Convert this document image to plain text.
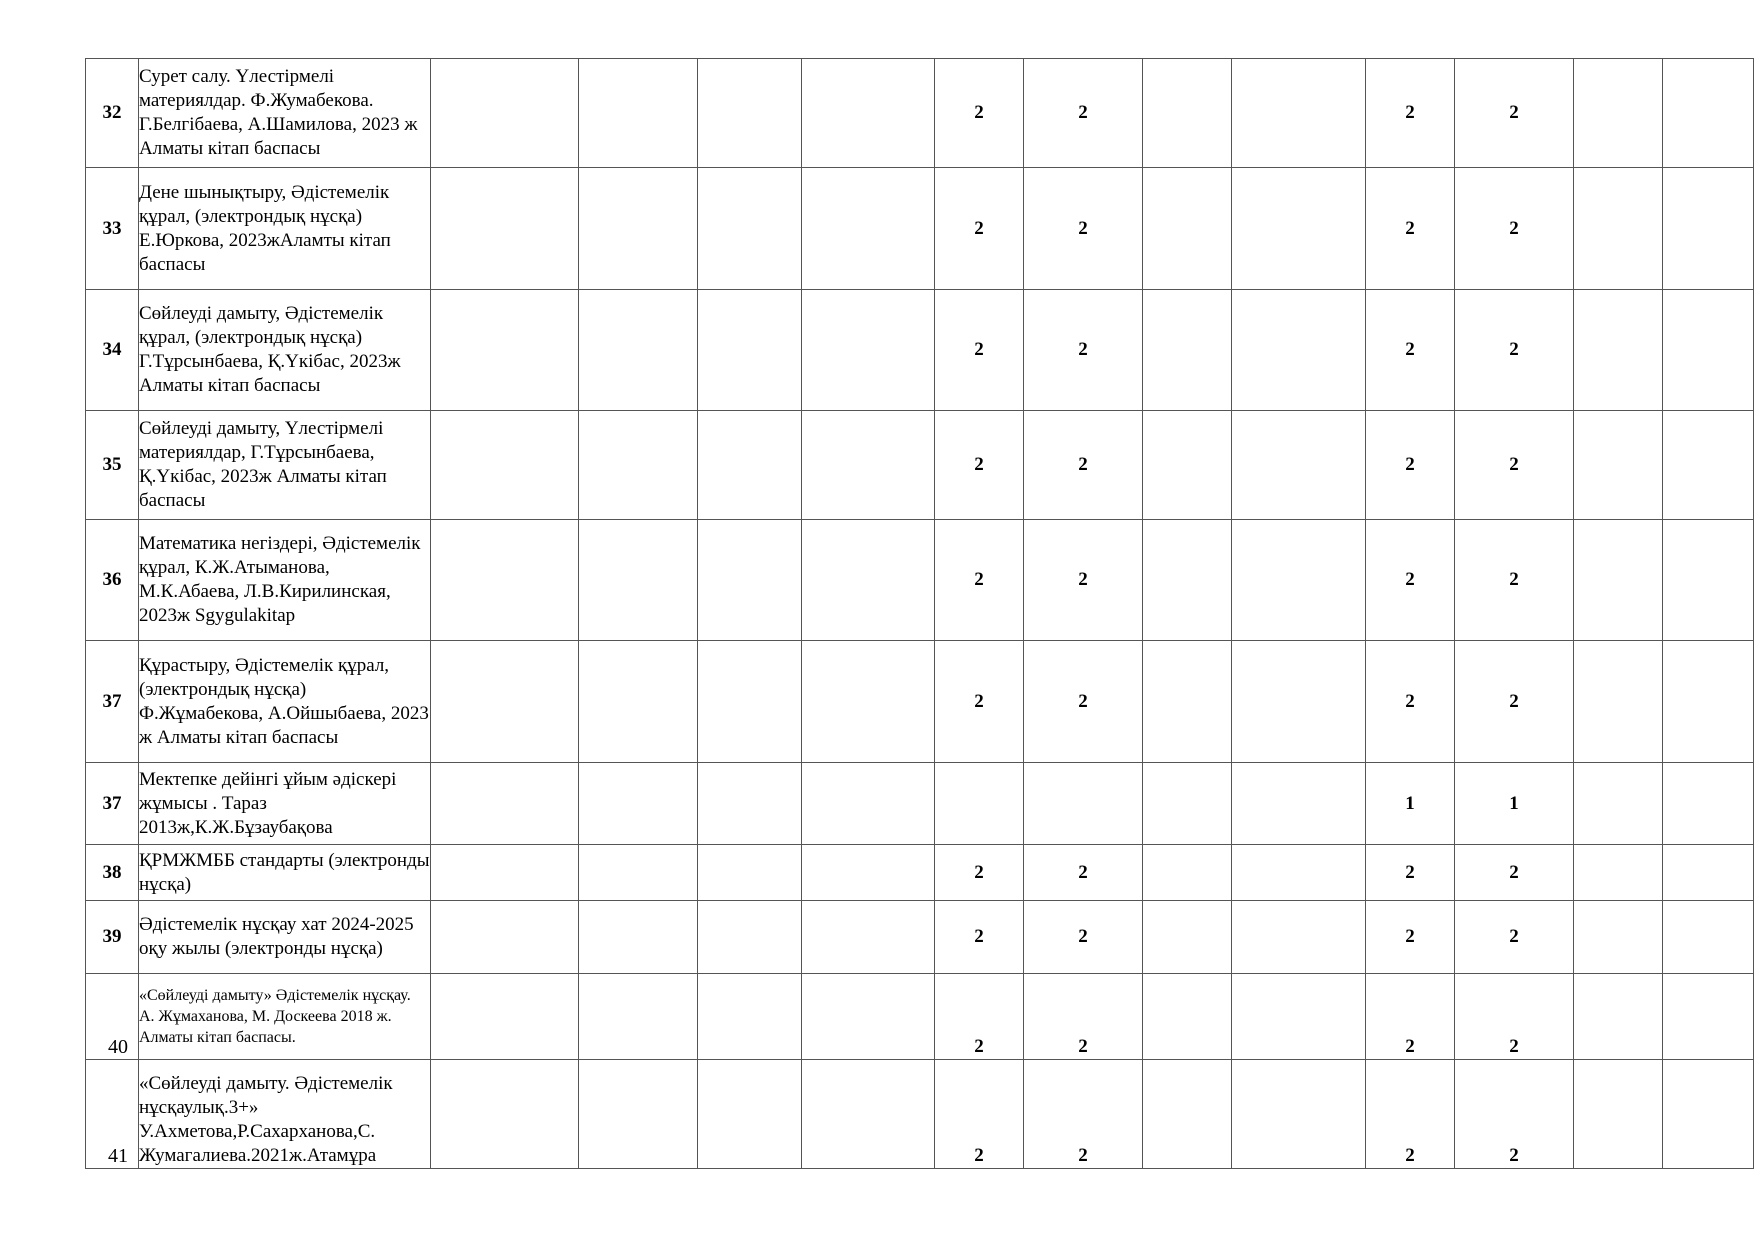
32	Сурет салу. Үлестірмелі материялдар. Ф.Жумабекова. Г.Белгібаева, А.Шамилова, 2023 ж Алматы кітап баспасы					2	2			2	2		
33	Дене шынықтыру, Әдістемелік құрал, (электрондық нұсқа) Е.Юркова, 2023жАламты кітап баспасы					2	2			2	2		
34	Сөйлеуді дамыту, Әдістемелік құрал, (электрондық нұсқа) Г.Тұрсынбаева, Қ.Үкібас, 2023ж Алматы кітап баспасы					2	2			2	2		
35	Сөйлеуді дамыту, Үлестірмелі материялдар, Г.Тұрсынбаева, Қ.Үкібас, 2023ж Алматы кітап баспасы					2	2			2	2		
36	Математика негіздері, Әдістемелік құрал, К.Ж.Атыманова, М.К.Абаева, Л.В.Кирилинская, 2023ж Sgygulakitap					2	2			2	2		
37	Құрастыру, Әдістемелік құрал, (электрондық нұсқа) Ф.Жұмабекова, А.Ойшыбаева, 2023 ж Алматы кітап баспасы					2	2			2	2		
37	Мектепке дейінгі ұйым әдіскері жұмысы . Тараз 2013ж,К.Ж.Бұзаубақова									1	1		
38	ҚРМЖМББ стандарты (электронды нұсқа)					2	2			2	2		
39	Әдістемелік нұсқау хат 2024-2025 оқу жылы (электронды нұсқа)					2	2			2	2		
40	«Сөйлеуді дамыту» Әдістемелік нұсқау. А. Жұмаханова, М. Доскеева 2018 ж. Алматы кітап баспасы.					2	2			2	2		
41	«Сөйлеуді дамыту. Әдістемелік нұсқаулық.3+» У.Ахметова,Р.Сахарханова,С. Жумагалиева.2021ж.Атамұра					2	2			2	2		
